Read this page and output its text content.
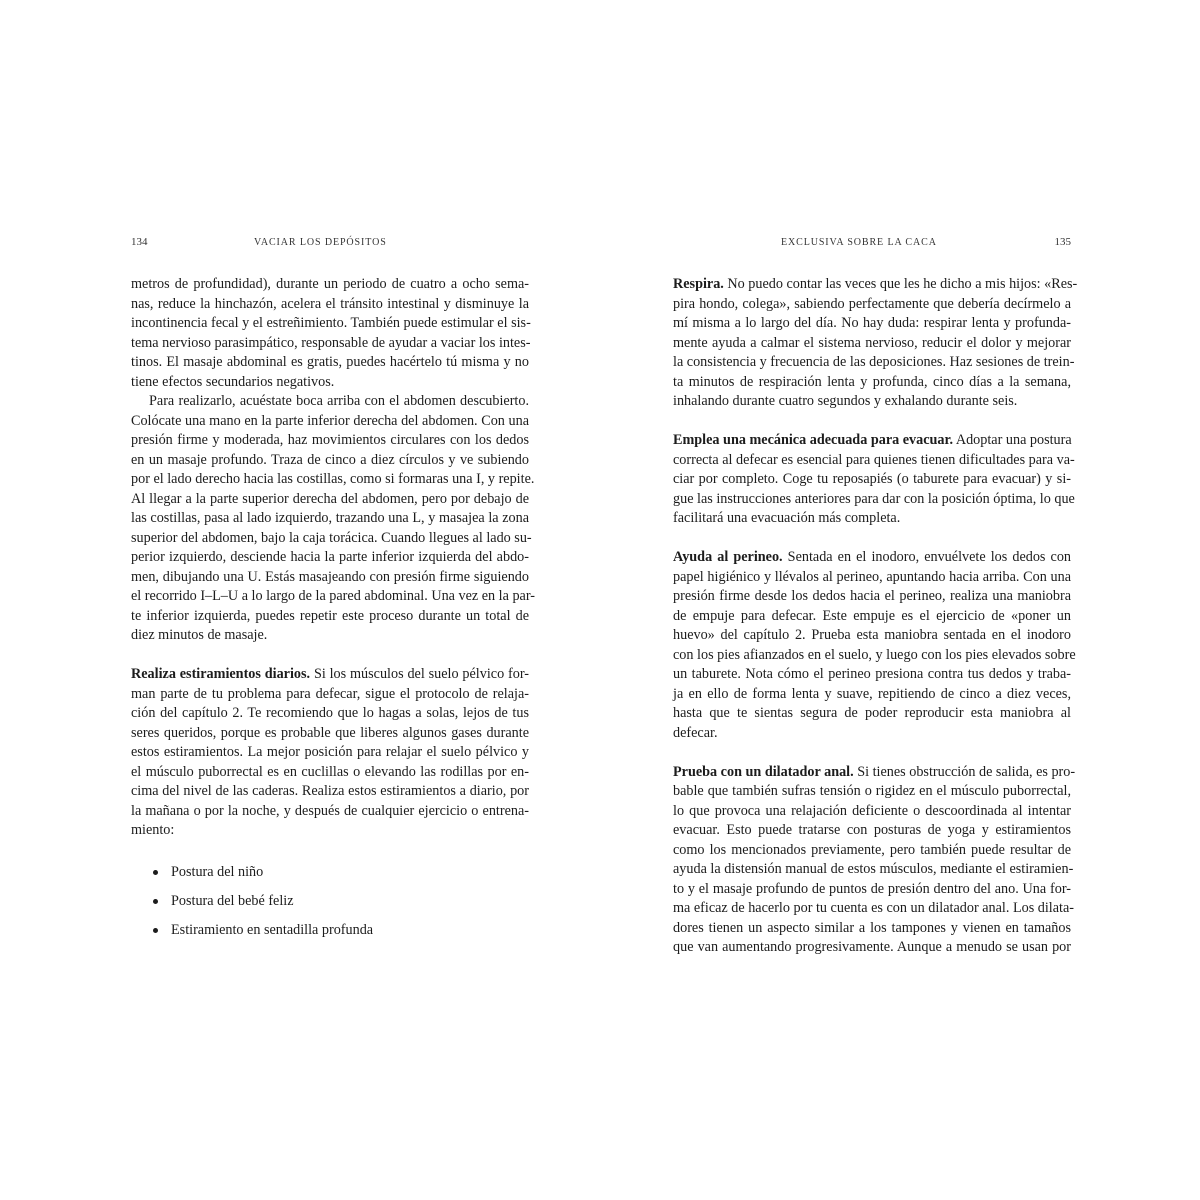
134	VACIAR LOS DEPÓSITOS
metros de profundidad), durante un periodo de cuatro a ocho sema-
nas, reduce la hinchazón, acelera el tránsito intestinal y disminuye la
incontinencia fecal y el estreñimiento. También puede estimular el sis-
tema nervioso parasimpático, responsable de ayudar a vaciar los intes-
tinos. El masaje abdominal es gratis, puedes hacértelo tú misma y no
tiene efectos secundarios negativos.
Para realizarlo, acuéstate boca arriba con el abdomen descubierto.
Colócate una mano en la parte inferior derecha del abdomen. Con una
presión firme y moderada, haz movimientos circulares con los dedos
en un masaje profundo. Traza de cinco a diez círculos y ve subiendo
por el lado derecho hacia las costillas, como si formaras una I, y repite.
Al llegar a la parte superior derecha del abdomen, pero por debajo de
las costillas, pasa al lado izquierdo, trazando una L, y masajea la zona
superior del abdomen, bajo la caja torácica. Cuando llegues al lado su-
perior izquierdo, desciende hacia la parte inferior izquierda del abdo-
men, dibujando una U. Estás masajeando con presión firme siguiendo
el recorrido I–L–U a lo largo de la pared abdominal. Una vez en la par-
te inferior izquierda, puedes repetir este proceso durante un total de
diez minutos de masaje.
Realiza estiramientos diarios. Si los músculos del suelo pélvico for-
man parte de tu problema para defecar, sigue el protocolo de relaja-
ción del capítulo 2. Te recomiendo que lo hagas a solas, lejos de tus
seres queridos, porque es probable que liberes algunos gases durante
estos estiramientos. La mejor posición para relajar el suelo pélvico y
el músculo puborrectal es en cuclillas o elevando las rodillas por en-
cima del nivel de las caderas. Realiza estos estiramientos a diario, por
la mañana o por la noche, y después de cualquier ejercicio o entrena-
miento:
Postura del niño
Postura del bebé feliz
Estiramiento en sentadilla profunda
EXCLUSIVA SOBRE LA CACA	135
Respira. No puedo contar las veces que les he dicho a mis hijos: «Res-
pira hondo, colega», sabiendo perfectamente que debería decírmelo a
mí misma a lo largo del día. No hay duda: respirar lenta y profunda-
mente ayuda a calmar el sistema nervioso, reducir el dolor y mejorar
la consistencia y frecuencia de las deposiciones. Haz sesiones de trein-
ta minutos de respiración lenta y profunda, cinco días a la semana,
inhalando durante cuatro segundos y exhalando durante seis.
Emplea una mecánica adecuada para evacuar. Adoptar una postura
correcta al defecar es esencial para quienes tienen dificultades para va-
ciar por completo. Coge tu reposapiés (o taburete para evacuar) y si-
gue las instrucciones anteriores para dar con la posición óptima, lo que
facilitará una evacuación más completa.
Ayuda al perineo. Sentada en el inodoro, envuélvete los dedos con
papel higiénico y llévalos al perineo, apuntando hacia arriba. Con una
presión firme desde los dedos hacia el perineo, realiza una maniobra
de empuje para defecar. Este empuje es el ejercicio de «poner un
huevo» del capítulo 2. Prueba esta maniobra sentada en el inodoro
con los pies afianzados en el suelo, y luego con los pies elevados sobre
un taburete. Nota cómo el perineo presiona contra tus dedos y traba-
ja en ello de forma lenta y suave, repitiendo de cinco a diez veces,
hasta que te sientas segura de poder reproducir esta maniobra al
defecar.
Prueba con un dilatador anal. Si tienes obstrucción de salida, es pro-
bable que también sufras tensión o rigidez en el músculo puborrectal,
lo que provoca una relajación deficiente o descoordinada al intentar
evacuar. Esto puede tratarse con posturas de yoga y estiramientos
como los mencionados previamente, pero también puede resultar de
ayuda la distensión manual de estos músculos, mediante el estiramien-
to y el masaje profundo de puntos de presión dentro del ano. Una for-
ma eficaz de hacerlo por tu cuenta es con un dilatador anal. Los dilata-
dores tienen un aspecto similar a los tampones y vienen en tamaños
que van aumentando progresivamente. Aunque a menudo se usan por
